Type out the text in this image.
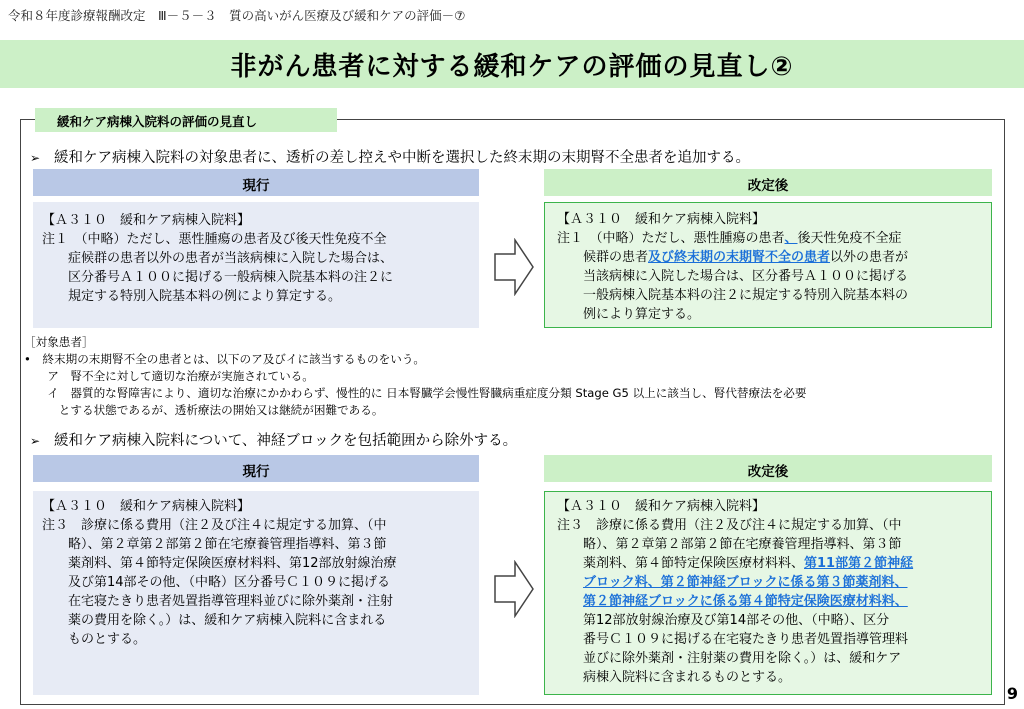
令和８年度診療報酬改定　Ⅲ－５－３　質の高いがん医療及び緩和ケアの評価－⑦
非がん患者に対する緩和ケアの評価の見直し②
緩和ケア病棟入院料の評価の見直し
➢ 緩和ケア病棟入院料の対象患者に、透析の差し控えや中断を選択した終末期の末期腎不全患者を追加する。
現行	改定後
【Ａ３１０　緩和ケア病棟入院料】
注１　（中略）ただし、悪性腫瘍の患者及び後天性免疫不全
　　症候群の患者以外の患者が当該病棟に入院した場合は、
　　区分番号Ａ１００に掲げる一般病棟入院基本料の注２に
　　規定する特別入院基本料の例により算定する。
【Ａ３１０　緩和ケア病棟入院料】
注１　（中略）ただし、悪性腫瘍の患者、後天性免疫不全症
　　候群の患者及び終末期の末期腎不全の患者以外の患者が
　　当該病棟に入院した場合は、区分番号Ａ１００に掲げる
　　一般病棟入院基本料の注２に規定する特別入院基本料の
　　例により算定する。
［対象患者］
•　終末期の末期腎不全の患者とは、以下のア及びイに該当するものをいう。
　　ア　腎不全に対して適切な治療が実施されている。
　　イ　器質的な腎障害により、適切な治療にかかわらず、慢性的に 日本腎臓学会慢性腎臓病重症度分類 Stage G5 以上に該当し、腎代替療法を必要
　　　とする状態であるが、透析療法の開始又は継続が困難である。
➢ 緩和ケア病棟入院料について、神経ブロックを包括範囲から除外する。
現行	改定後
【Ａ３１０　緩和ケア病棟入院料】
注３　診療に係る費用（注２及び注４に規定する加算、（中
　　略）、第２章第２部第２節在宅療養管理指導料、第３節
　　薬剤料、第４節特定保険医療材料料、第12部放射線治療
　　及び第14部その他、（中略）区分番号Ｃ１０９に掲げる
　　在宅寝たきり患者処置指導管理料並びに除外薬剤・注射
　　薬の費用を除く。）は、緩和ケア病棟入院料に含まれる
　　ものとする。
【Ａ３１０　緩和ケア病棟入院料】
注３　診療に係る費用（注２及び注４に規定する加算、（中
　　略）、第２章第２部第２節在宅療養管理指導料、第３節
　　薬剤料、第４節特定保険医療材料料、第11部第２節神経
　　ブロック料、第２節神経ブロックに係る第３節薬剤料、
　　第２節神経ブロックに係る第４節特定保険医療材料料、
　　第12部放射線治療及び第14部その他、（中略）、区分
　　番号Ｃ１０９に掲げる在宅寝たきり患者処置指導管理料
　　並びに除外薬剤・注射薬の費用を除く。）は、緩和ケア
　　病棟入院料に含まれるものとする。
9
